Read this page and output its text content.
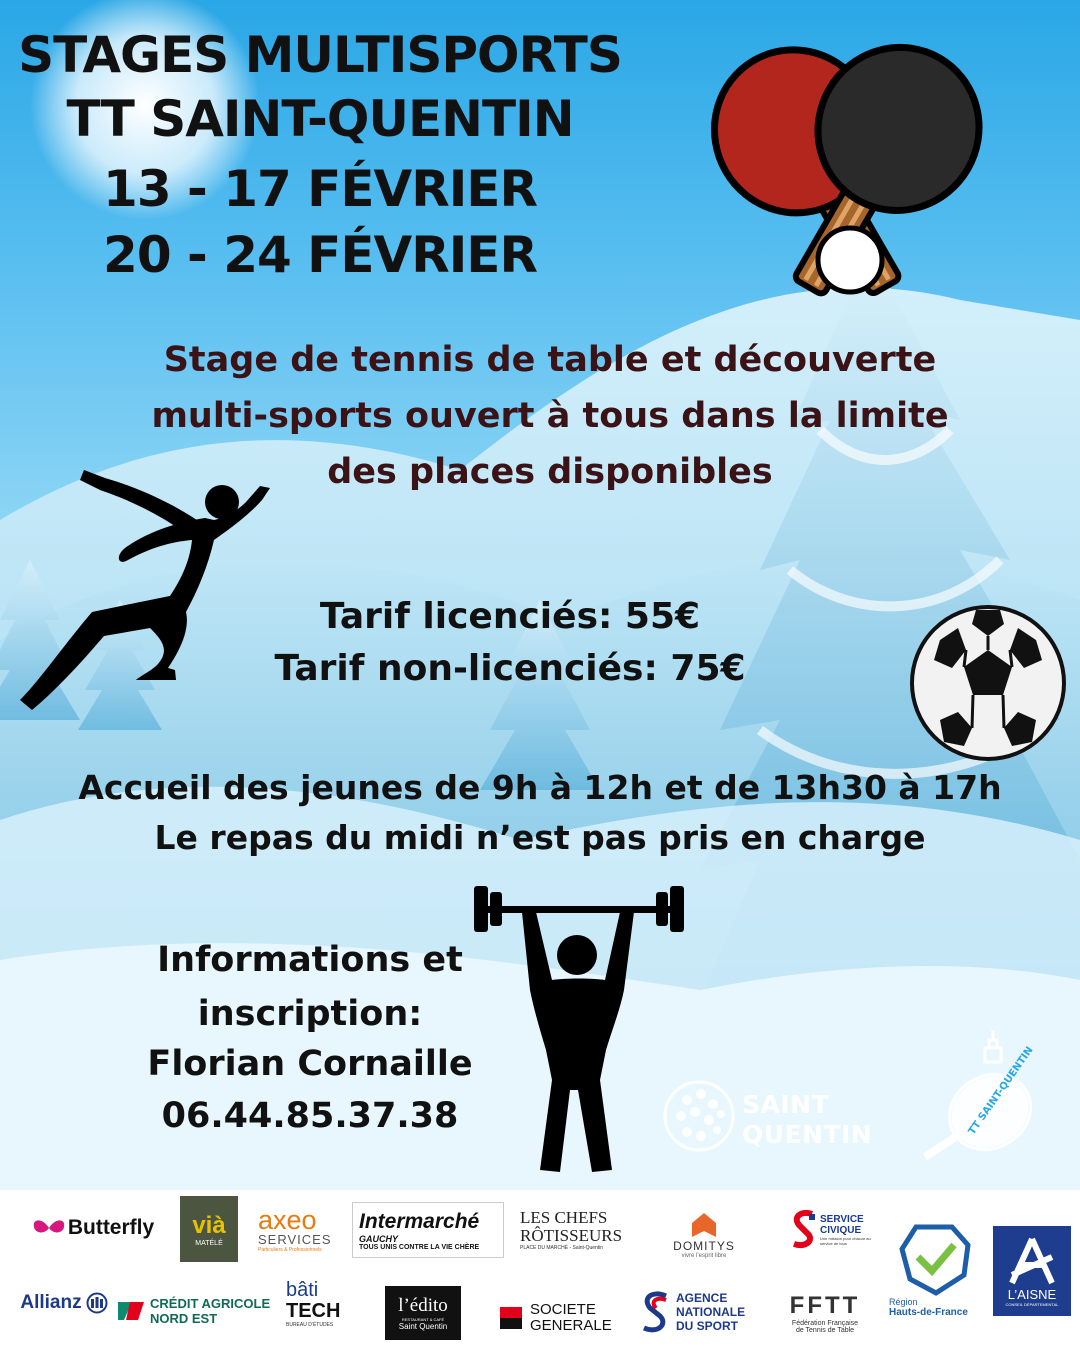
STAGES MULTISPORTS
TT SAINT-QUENTIN
13 - 17 FÉVRIER
20 - 24 FÉVRIER
Stage de tennis de table et découverte
multi-sports ouvert à tous dans la limite
des places disponibles
Tarif licenciés: 55€
Tarif non-licenciés: 75€
Accueil des jeunes de 9h à 12h et de 13h30 à 17h
Le repas du midi n’est pas pris en charge
Informations et
inscription:
Florian Cornaille
06.44.85.37.38	SAINT
QUENTIN	TT SAINT-QUENTIN
Butterfly vià
MATÉLÉ
axeo
SERVICES
Particuliers & Professionnels
Intermarché
GAUCHY
TOUS UNIS CONTRE LA VIE CHÈRE
LES CHEFS
RÔTISSEURS
PLACE DU MARCHÉ - Saint-Quentin	DOMITYS
vivre l’esprit libre
SERVICE
CIVIQUE
Une mission pour chacun au service de tous
Région
Hauts-de-France
L’AISNE
CONSEIL DÉPARTEMENTAL
Allianz	CRÉDIT AGRICOLE
NORD EST
bâti
TECH
BUREAU D’ÉTUDES
l’édito
RESTAURANT & CAFÉ
Saint Quentin
SOCIETE
GENERALE
AGENCE
NATIONALE
DU SPORT
FFTT
Fédération Française
de Tennis de Table
